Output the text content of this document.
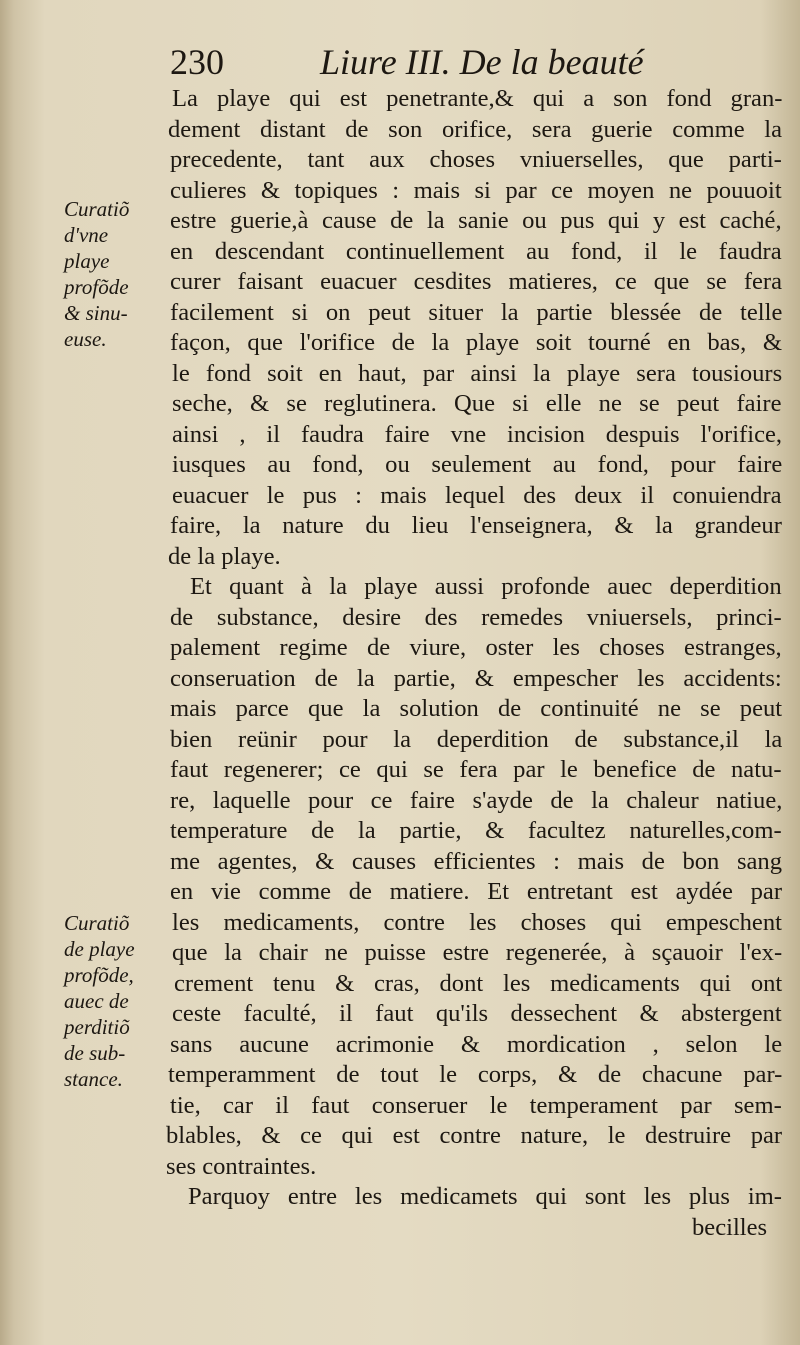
230	Liure III. De la beauté
Curatiõ
d'vne
playe
profõde
& sinu-
euse.
Curatiõ
de playe
profõde,
auec de
perditiõ
de sub-
stance.
La playe qui est penetrante,& qui a son fond gran-
dement distant de son orifice, sera guerie comme la
precedente, tant aux choses vniuerselles, que parti-
culieres & topiques : mais si par ce moyen ne pouuoit
estre guerie,à cause de la sanie ou pus qui y est caché,
en descendant continuellement au fond, il le faudra
curer faisant euacuer cesdites matieres, ce que se fera
facilement si on peut situer la partie blessée de telle
façon, que l'orifice de la playe soit tourné en bas, &
le fond soit en haut, par ainsi la playe sera tousiours
seche, & se reglutinera. Que si elle ne se peut faire
ainsi , il faudra faire vne incision despuis l'orifice,
iusques au fond, ou seulement au fond, pour faire
euacuer le pus : mais lequel des deux il conuiendra
faire, la nature du lieu l'enseignera, & la grandeur
de la playe.
Et quant à la playe aussi profonde auec deperdition
de substance, desire des remedes vniuersels, princi-
palement regime de viure, oster les choses estranges,
conseruation de la partie, & empescher les accidents:
mais parce que la solution de continuité ne se peut
bien reünir pour la deperdition de substance,il la
faut regenerer; ce qui se fera par le benefice de natu-
re, laquelle pour ce faire s'ayde de la chaleur natiue,
temperature de la partie, & facultez naturelles,com-
me agentes, & causes efficientes : mais de bon sang
en vie comme de matiere. Et entretant est aydée par
les medicaments, contre les choses qui empeschent
que la chair ne puisse estre regenerée, à sçauoir l'ex-
crement tenu & cras, dont les medicaments qui ont
ceste faculté, il faut qu'ils dessechent & abstergent
sans aucune acrimonie & mordication , selon le
temperamment de tout le corps, & de chacune par-
tie, car il faut conseruer le temperament par sem-
blables, & ce qui est contre nature, le destruire par
ses contraintes.
Parquoy entre les medicamets qui sont les plus im-
becilles
